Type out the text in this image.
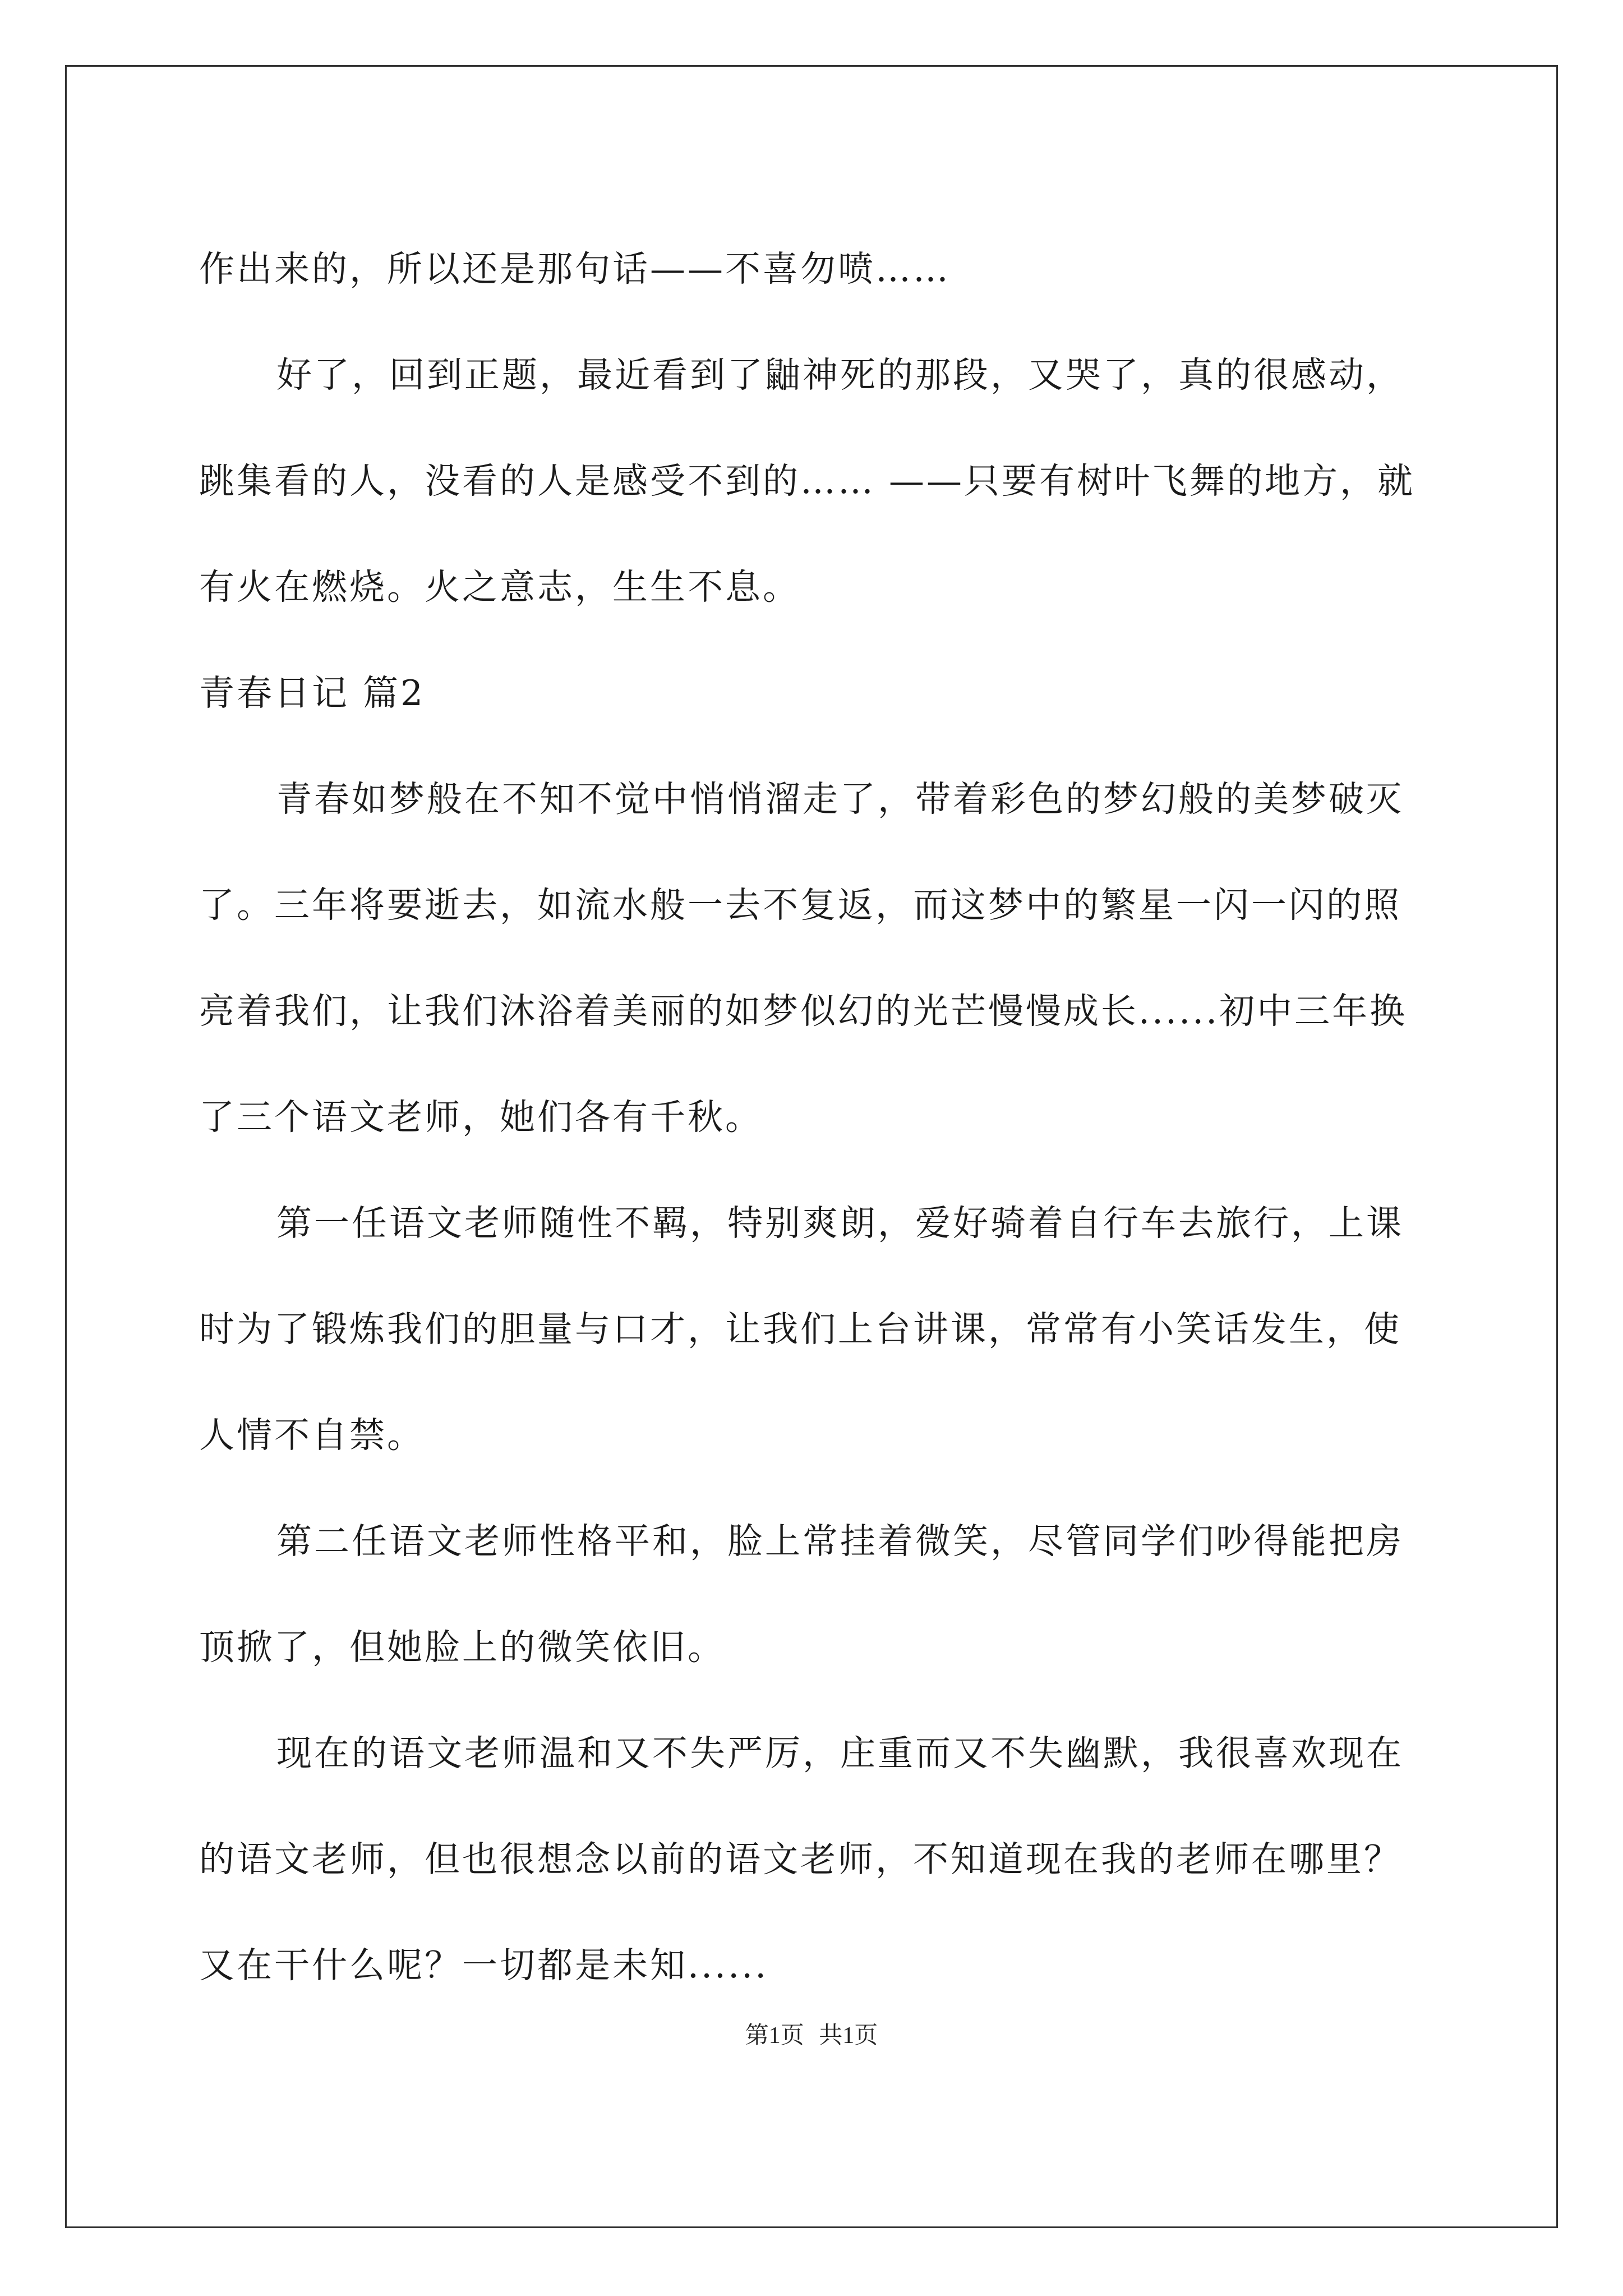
作出来的，所以还是那句话——不喜勿喷……

好了，回到正题，最近看到了鼬神死的那段，又哭了，真的很感动，跳集看的人，没看的人是感受不到的…… ——只要有树叶飞舞的地方，就有火在燃烧。火之意志，生生不息。

青春日记 篇2

青春如梦般在不知不觉中悄悄溜走了，带着彩色的梦幻般的美梦破灭了。三年将要逝去，如流水般一去不复返，而这梦中的繁星一闪一闪的照亮着我们，让我们沐浴着美丽的如梦似幻的光芒慢慢成长......初中三年换了三个语文老师，她们各有千秋。

第一任语文老师随性不羁，特别爽朗，爱好骑着自行车去旅行，上课时为了锻炼我们的胆量与口才，让我们上台讲课，常常有小笑话发生，使人情不自禁。

第二任语文老师性格平和，脸上常挂着微笑，尽管同学们吵得能把房顶掀了，但她脸上的微笑依旧。

现在的语文老师温和又不失严厉，庄重而又不失幽默，我很喜欢现在的语文老师，但也很想念以前的语文老师，不知道现在我的老师在哪里？又在干什么呢？一切都是未知......

第1页 共1页
